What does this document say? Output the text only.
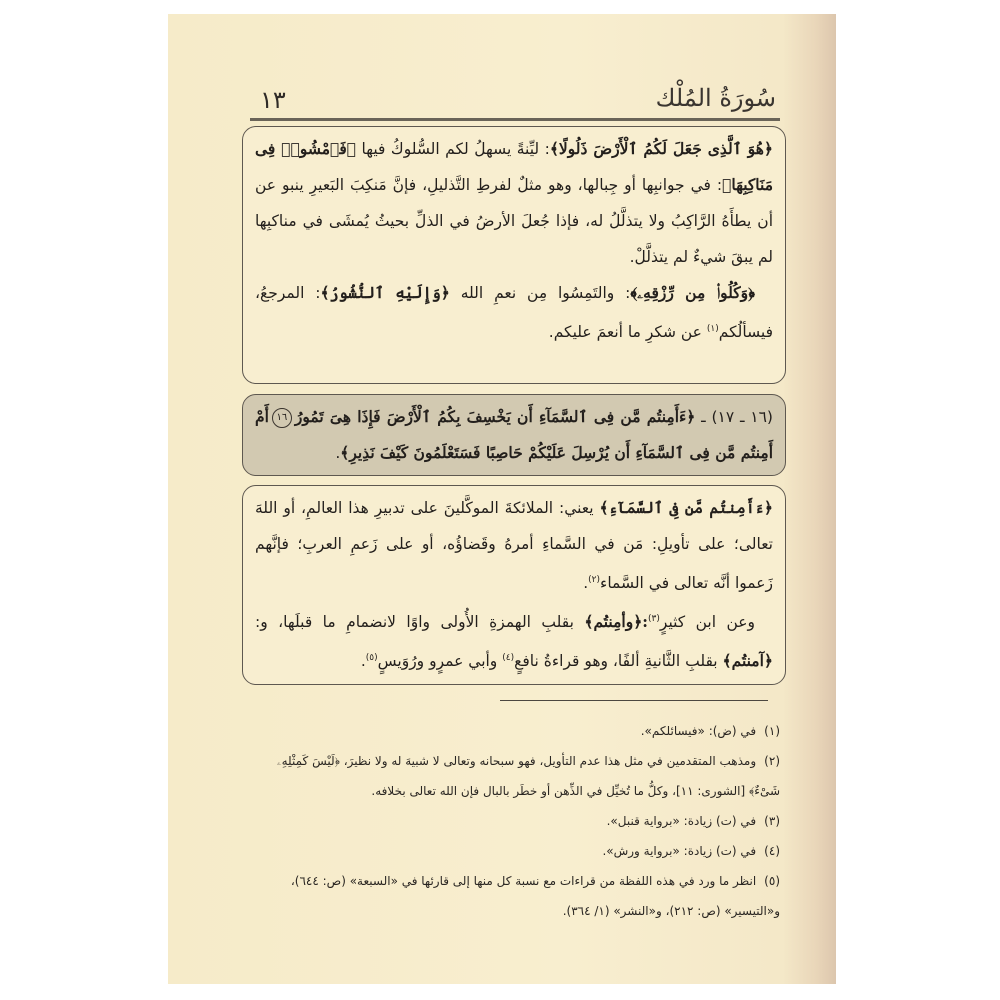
سُورَةُ المُلْك
١٣

﴿هُوَ ٱلَّذِى جَعَلَ لَكُمُ ٱلْأَرْضَ ذَلُولًا﴾: ليِّنةً يسهلُ لكم السُّلوكُ فيها ﴿فَٱمْشُوا۟ فِى مَنَاكِبِهَا﴾: في جوانبِها أو جِبالها، وهو مثلٌ لفرطِ التَّذليلِ، فإنَّ مَنكِبَ البَعيرِ ينبو عن أن يطأَهُ الرَّاكِبُ ولا يتذلَّلُ له، فإذا جُعلَ الأرضُ في الذلِّ بحيثُ يُمشَى في مناكبِها لم يبقَ شيءٌ لم يتذلَّلْ.

﴿وَكُلُوا۟ مِن رِّزْقِهِۦ﴾: والتَمِسُوا مِن نعمِ الله ﴿وَإِلَيْهِ ٱلنُّشُورُ﴾: المرجعُ، فيسألُكم$^{(١)}$ عن شكرِ ما أنعمَ عليكم.

(١٦ ـ ١٧) ـ ﴿ءَأَمِنتُم مَّن فِى ٱلسَّمَآءِ أَن يَخْسِفَ بِكُمُ ٱلْأَرْضَ فَإِذَا هِىَ تَمُورُ١٦أَمْ أَمِنتُم مَّن فِى ٱلسَّمَآءِ أَن يُرْسِلَ عَلَيْكُمْ حَاصِبًا فَسَتَعْلَمُونَ كَيْفَ نَذِيرِ﴾.

﴿ءَأَمِنتُم مَّن فِى ٱلسَّمَآءِ﴾ يعني: الملائكةَ الموكَّلينَ على تدبيرِ هذا العالمِ، أو اللهَ تعالى؛ على تأويلِ: مَن في السَّماءِ أمرهُ وقَضاؤُه، أو على زَعمِ العربِ؛ فإنَّهم زَعموا أنَّه تعالى في السَّماء$^{(٢)}$.

وعن ابن كثيرٍ$^{(٣)}$:﴿وأمِنتُم﴾ بقلبِ الهمزةِ الأُولى واوًا لانضمامِ ما قبلَها، و: ﴿آمنتُم﴾ بقلبِ الثَّانيةِ ألفًا، وهو قراءةُ نافعٍ$^{(٤)}$ وأبي عمرٍو ورُوَيسٍ$^{(٥)}$.

(١)في (ض): «فيسائلكم».

(٢)ومذهب المتقدمين في مثل هذا عدم التأويل، فهو سبحانه وتعالى لا شبيهَ له ولا نظيرَ، ﴿لَيْسَ كَمِثْلِهِۦ شَىْءٌ﴾ [الشورى: ١١]، وكلُّ ما تُخيِّل في الذِّهن أو خطَر بالبال فإن الله تعالى بخلافه.

(٣)في (ت) زيادة: «برواية قنبل».

(٤)في (ت) زيادة: «برواية ورش».

(٥)انظر ما ورد في هذه اللفظة من قراءات مع نسبة كل منها إلى قارئها في «السبعة» (ص: ٦٤٤)، و«التيسير» (ص: ٢١٢)، و«النشر» (١/ ٣٦٤).
